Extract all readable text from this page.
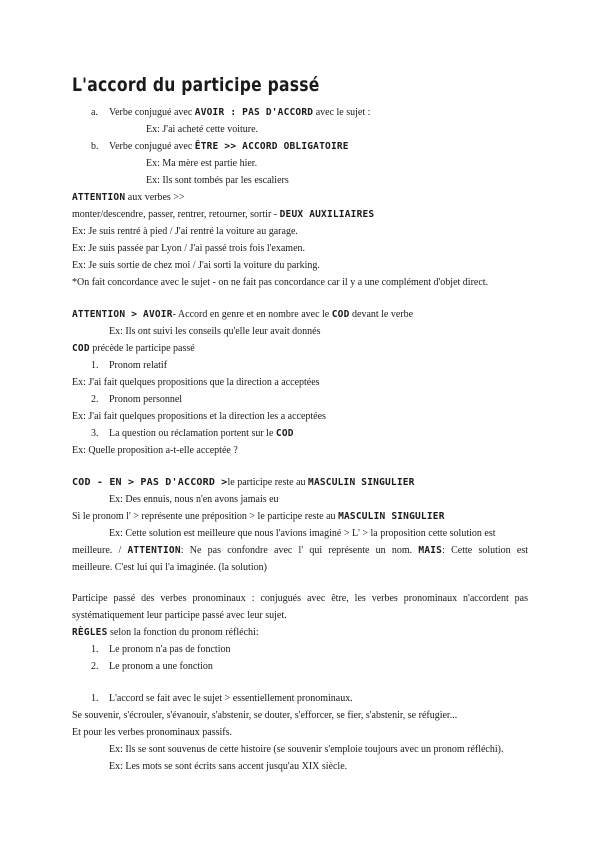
L'accord du participe passé
a. Verbe conjugué avec AVOIR : PAS D'ACCORD avec le sujet :
Ex: J'ai acheté cette voiture.
b. Verbe conjugué avec ÊTRE >> ACCORD OBLIGATOIRE
Ex: Ma mère est partie hier.
Ex: Ils sont tombés par les escaliers
ATTENTION aux verbes >>
monter/descendre, passer, rentrer, retourner, sortir - DEUX AUXILIAIRES
Ex: Je suis rentré à pied / J'ai rentré la voiture au garage.
Ex: Je suis passée par Lyon / J'ai passé trois fois l'examen.
Ex: Je suis sortie de chez moi / J'ai sorti la voiture du parking.
*On fait concordance avec le sujet - on ne fait pas concordance car il y a une complément d'objet direct.
ATTENTION > AVOIR- Accord en genre et en nombre avec le COD devant le verbe
Ex: Ils ont suivi les conseils qu'elle leur avait donnés
COD précède le participe passé
1. Pronom relatif
Ex: J'ai fait quelques propositions que la direction a acceptées
2. Pronom personnel
Ex: J'ai fait quelques propositions et la direction les a acceptées
3. La question ou réclamation portent sur le COD
Ex: Quelle proposition a-t-elle acceptée ?
COD - EN > PAS D'ACCORD >le participe reste au MASCULIN SINGULIER
Ex: Des ennuis, nous n'en avons jamais eu
Si le pronom l' > représente une préposition > le participe reste au MASCULIN SINGULIER
Ex: Cette solution est meilleure que nous l'avions imaginé > L' > la proposition cette solution est
meilleure. / ATTENTION: Ne pas confondre avec l' qui représente un nom. MAIS: Cette solution est
meilleure. C'est lui qui l'a imaginée. (la solution)
Participe passé des verbes pronominaux : conjugués avec être, les verbes pronominaux n'accordent pas
systématiquement leur participe passé avec leur sujet.
RÈGLES selon la fonction du pronom réfléchi:
1. Le pronom n'a pas de fonction
2. Le pronom a une fonction
1. L'accord se fait avec le sujet > essentiellement pronominaux.
Se souvenir, s'écrouler, s'évanouir, s'abstenir, se douter, s'efforcer, se fier, s'abstenir, se réfugier...
Et pour les verbes pronominaux passifs.
Ex: Ils se sont souvenus de cette histoire (se souvenir s'emploie toujours avec un pronom réfléchi).
Ex: Les mots se sont écrits sans accent jusqu'au XIX siècle.
